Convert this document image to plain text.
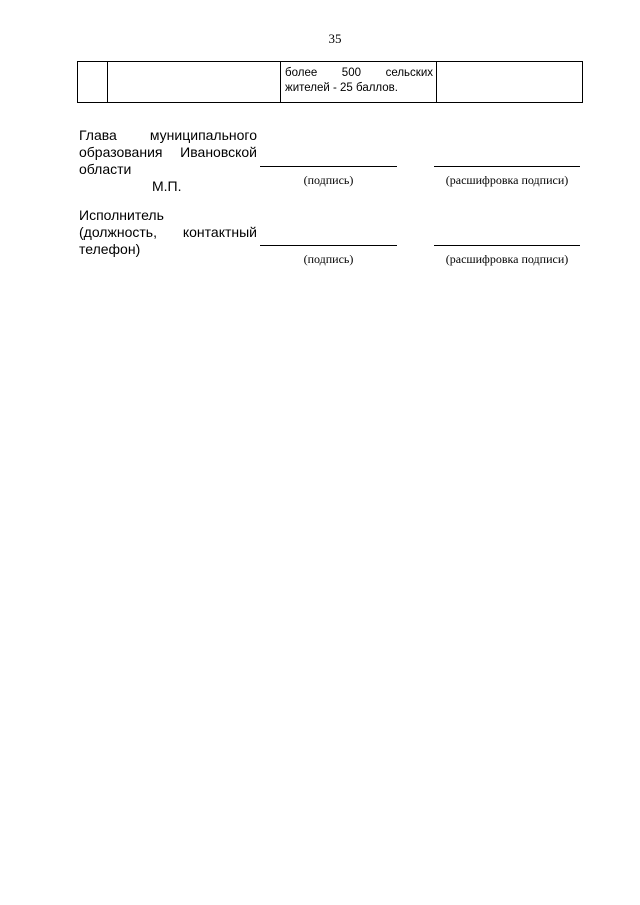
35

более 500 сельских
жителей - 25 баллов.

Глава муниципального
образования Ивановской
области
М.П.	(подпись)	(расшифровка подписи)
Исполнитель
(должность, контактный
телефон)
(подпись)	(расшифровка подписи)
